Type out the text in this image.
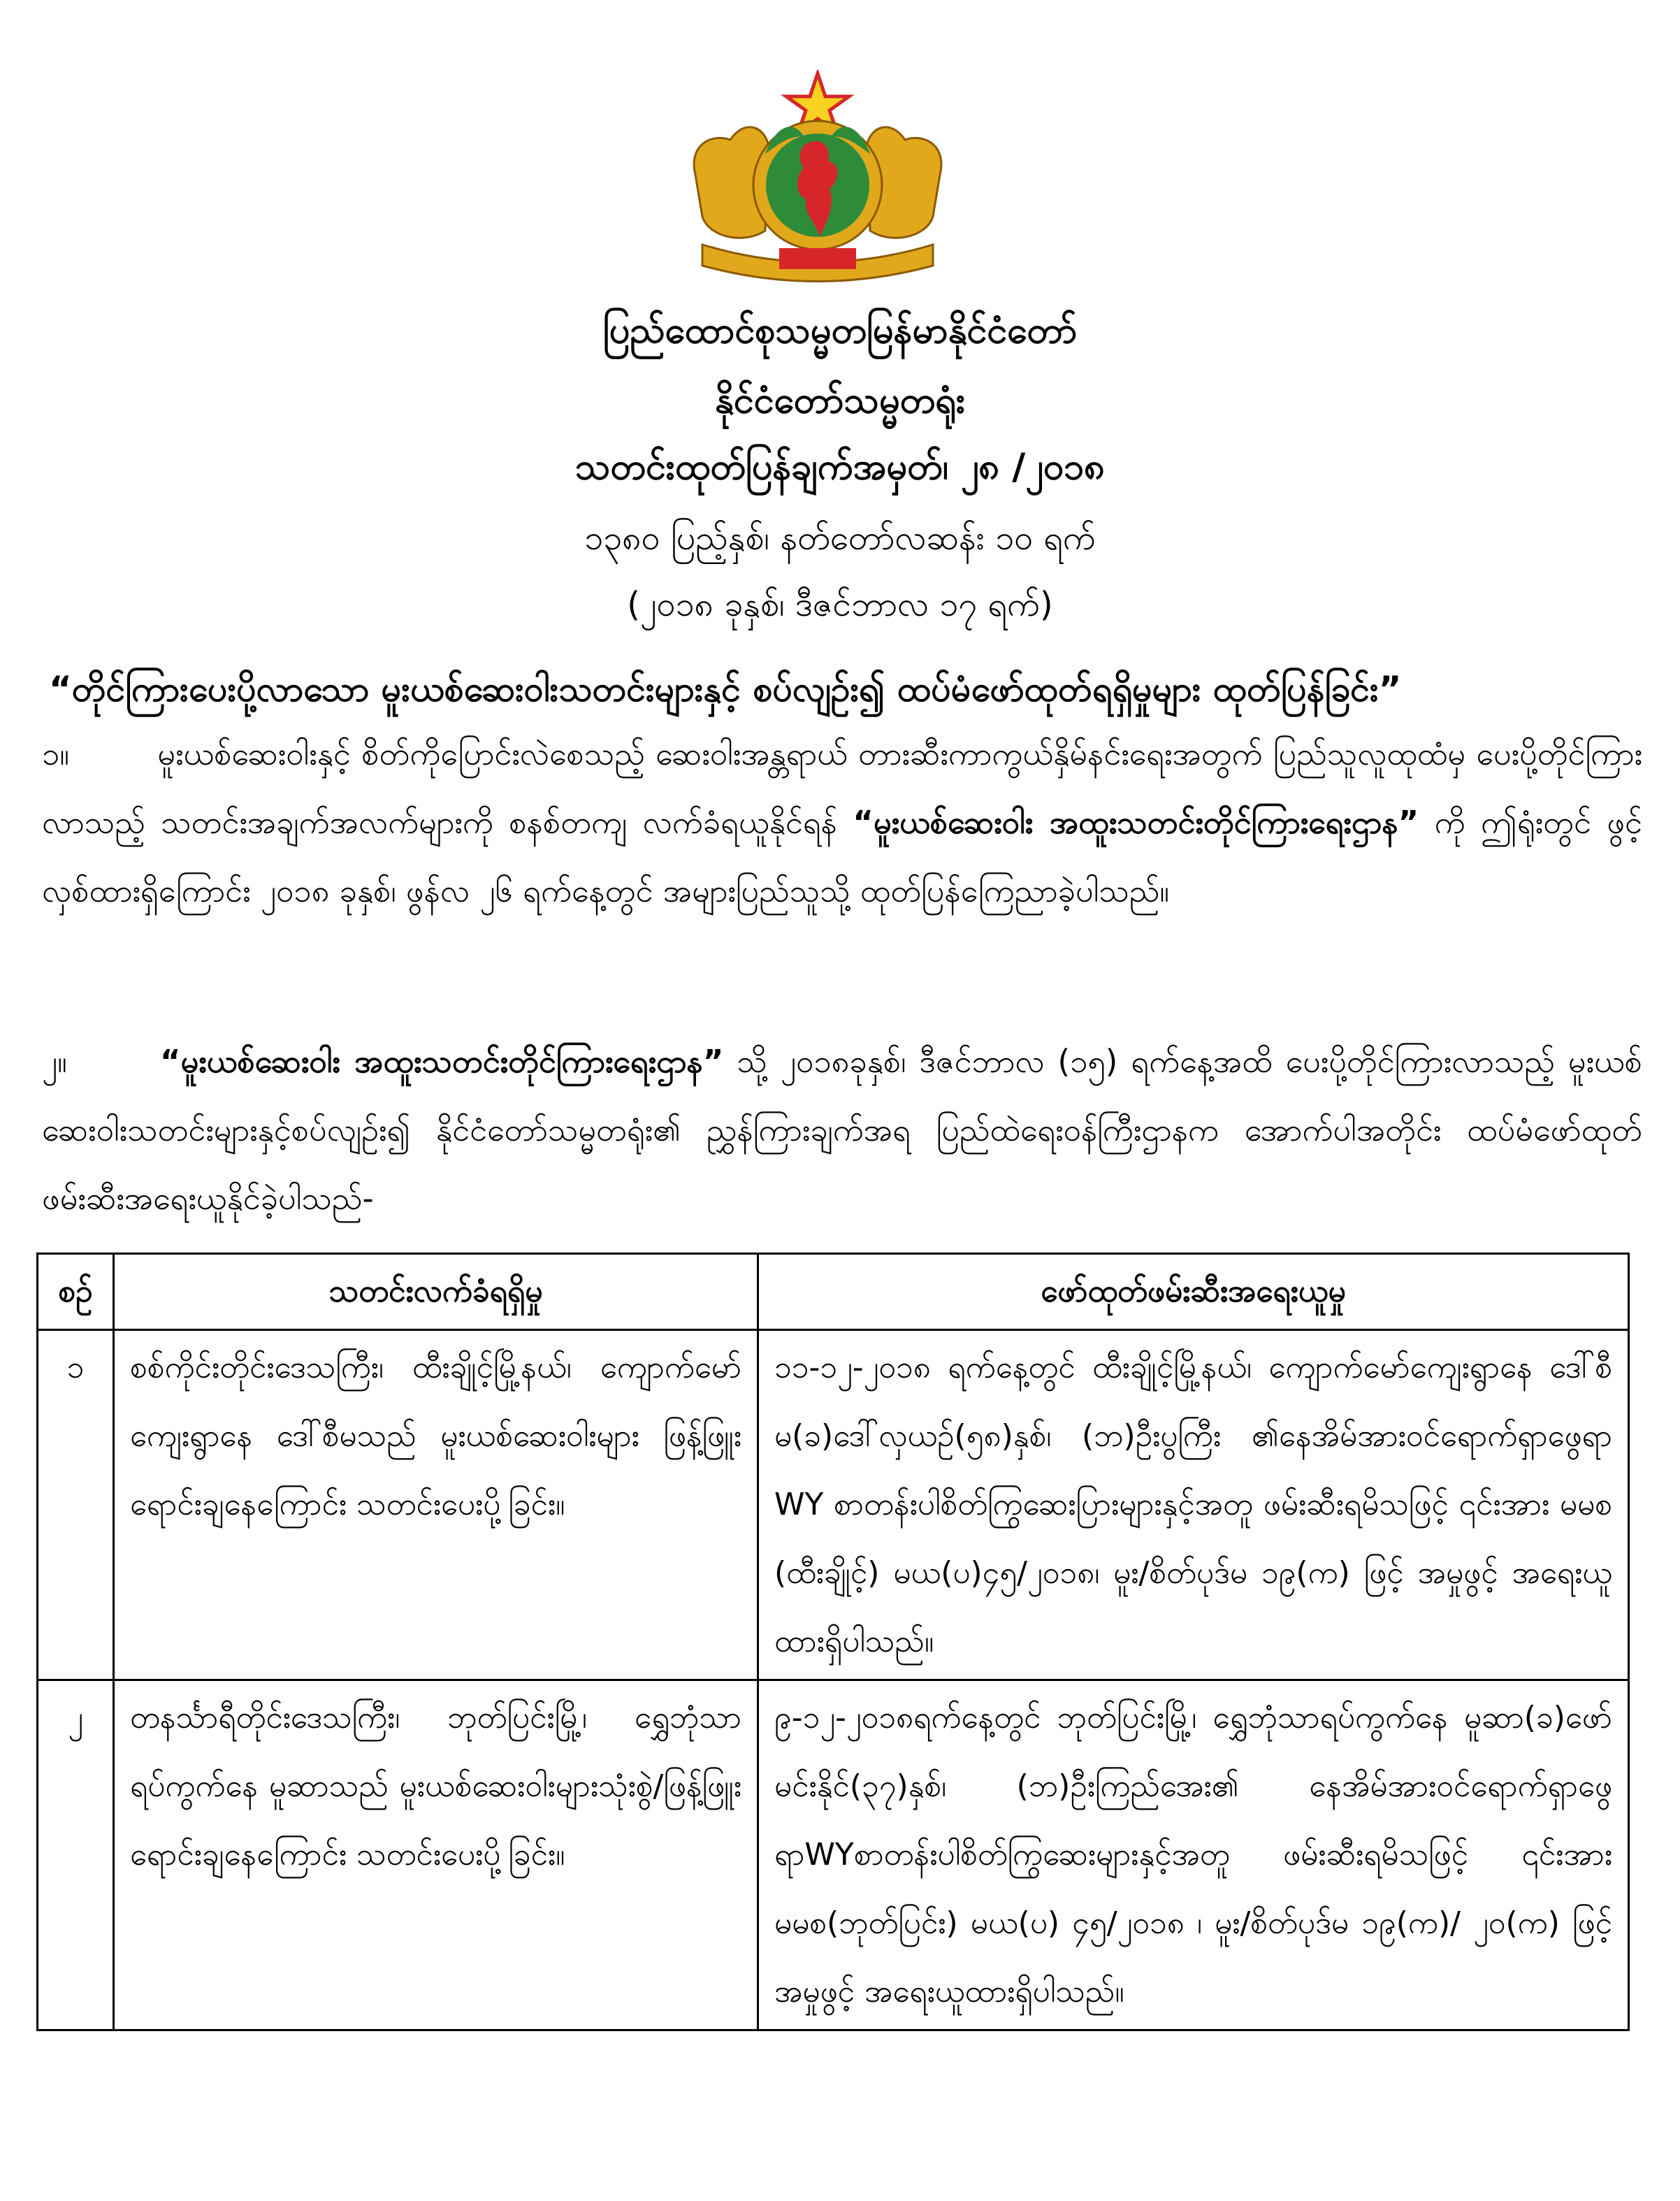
ပြည်ထောင်စုသမ္မတမြန်မာနိုင်ငံတော်
နိုင်ငံတော်သမ္မတရုံး
သတင်းထုတ်ပြန်ချက်အမှတ်၊ ၂၈ /၂၀၁၈
၁၃၈၀ ပြည့်နှစ်၊ နတ်တော်လဆန်း ၁၀ ရက်
(၂၀၁၈ ခုနှစ်၊ ဒီဇင်ဘာလ ၁၇ ရက်)
“တိုင်ကြားပေးပို့လာသော မူးယစ်ဆေးဝါးသတင်းများနှင့် စပ်လျဉ်း၍ ထပ်မံဖော်ထုတ်ရရှိမှုများ ထုတ်ပြန်ခြင်း”
၁။	မူးယစ်ဆေးဝါးနှင့် စိတ်ကိုပြောင်းလဲစေသည့် ဆေးဝါးအန္တရာယ် တားဆီးကာကွယ်နှိမ်နင်းရေးအတွက် ပြည်သူလူထုထံမှ ပေးပို့တိုင်ကြားလာသည့် သတင်းအချက်အလက်များကို စနစ်တကျ လက်ခံရယူနိုင်ရန် “မူးယစ်ဆေးဝါး အထူးသတင်းတိုင်ကြားရေးဌာန” ကို ဤရုံးတွင် ဖွင့်လှစ်ထားရှိကြောင်း ၂၀၁၈ ခုနှစ်၊ ဖွန်လ ၂၆ ရက်နေ့တွင် အများပြည်သူသို့ ထုတ်ပြန်ကြေညာခဲ့ပါသည်။
၂။	“မူးယစ်ဆေးဝါး အထူးသတင်းတိုင်ကြားရေးဌာန” သို့ ၂၀၁၈ခုနှစ်၊ ဒီဇင်ဘာလ (၁၅) ရက်နေ့အထိ ပေးပို့တိုင်ကြားလာသည့် မူးယစ်ဆေးဝါးသတင်းများနှင့်စပ်လျဉ်း၍ နိုင်ငံတော်သမ္မတရုံး၏ ညွှန်ကြားချက်အရ ပြည်ထဲရေးဝန်ကြီးဌာနက အောက်ပါအတိုင်း ထပ်မံဖော်ထုတ်ဖမ်းဆီးအရေးယူနိုင်ခဲ့ပါသည်-
စဉ်	သတင်းလက်ခံရရှိမှု	ဖော်ထုတ်ဖမ်းဆီးအရေးယူမှု
၁	စစ်ကိုင်းတိုင်းဒေသကြီး၊ ထီးချိုင့်မြို့နယ်၊ ကျောက်မော်ကျေးရွာနေ ဒေါ်စီမသည် မူးယစ်ဆေးဝါးများ ဖြန့်ဖြူးရောင်းချနေကြောင်း သတင်းပေးပို့ခြင်း။	၁၁-၁၂-၂၀၁၈ ရက်နေ့တွင် ထီးချိုင့်မြို့နယ်၊ ကျောက်မော်ကျေးရွာနေ ဒေါ်စီမ(ခ)ဒေါ်လှယဉ်(၅၈)နှစ်၊ (ဘ)ဦးပွကြီး ၏နေအိမ်အားဝင်ရောက်ရှာဖွေရာ WY စာတန်းပါစိတ်ကြွဆေးပြားများနှင့်အတူ ဖမ်းဆီးရမိသဖြင့် ၎င်းအား မမစ (ထီးချိုင့်) မယ(ပ)၄၅/၂၀၁၈၊ မူး/စိတ်ပုဒ်မ ၁၉(က) ဖြင့် အမှုဖွင့် အရေးယူထားရှိပါသည်။
၂	တနင်္သာရီတိုင်းဒေသကြီး၊ ဘုတ်ပြင်းမြို့၊ ရွှေဘုံသာရပ်ကွက်နေ မူဆာသည် မူးယစ်ဆေးဝါးများသုံးစွဲ/ဖြန့်ဖြူးရောင်းချနေကြောင်း သတင်းပေးပို့ခြင်း။	၉-၁၂-၂၀၁၈ရက်နေ့တွင် ဘုတ်ပြင်းမြို့၊ ရွှေဘုံသာရပ်ကွက်နေ မူဆာ(ခ)ဖော်မင်းနိုင်(၃၇)နှစ်၊ (ဘ)ဦးကြည်အေး၏ နေအိမ်အားဝင်ရောက်ရှာဖွေရာWYစာတန်းပါစိတ်ကြွဆေးများနှင့်အတူ ဖမ်းဆီးရမိသဖြင့် ၎င်းအား မမစ(ဘုတ်ပြင်း) မယ(ပ) ၄၅/၂၀၁၈ ၊ မူး/စိတ်ပုဒ်မ ၁၉(က)/ ၂၀(က) ဖြင့် အမှုဖွင့် အရေးယူထားရှိပါသည်။
